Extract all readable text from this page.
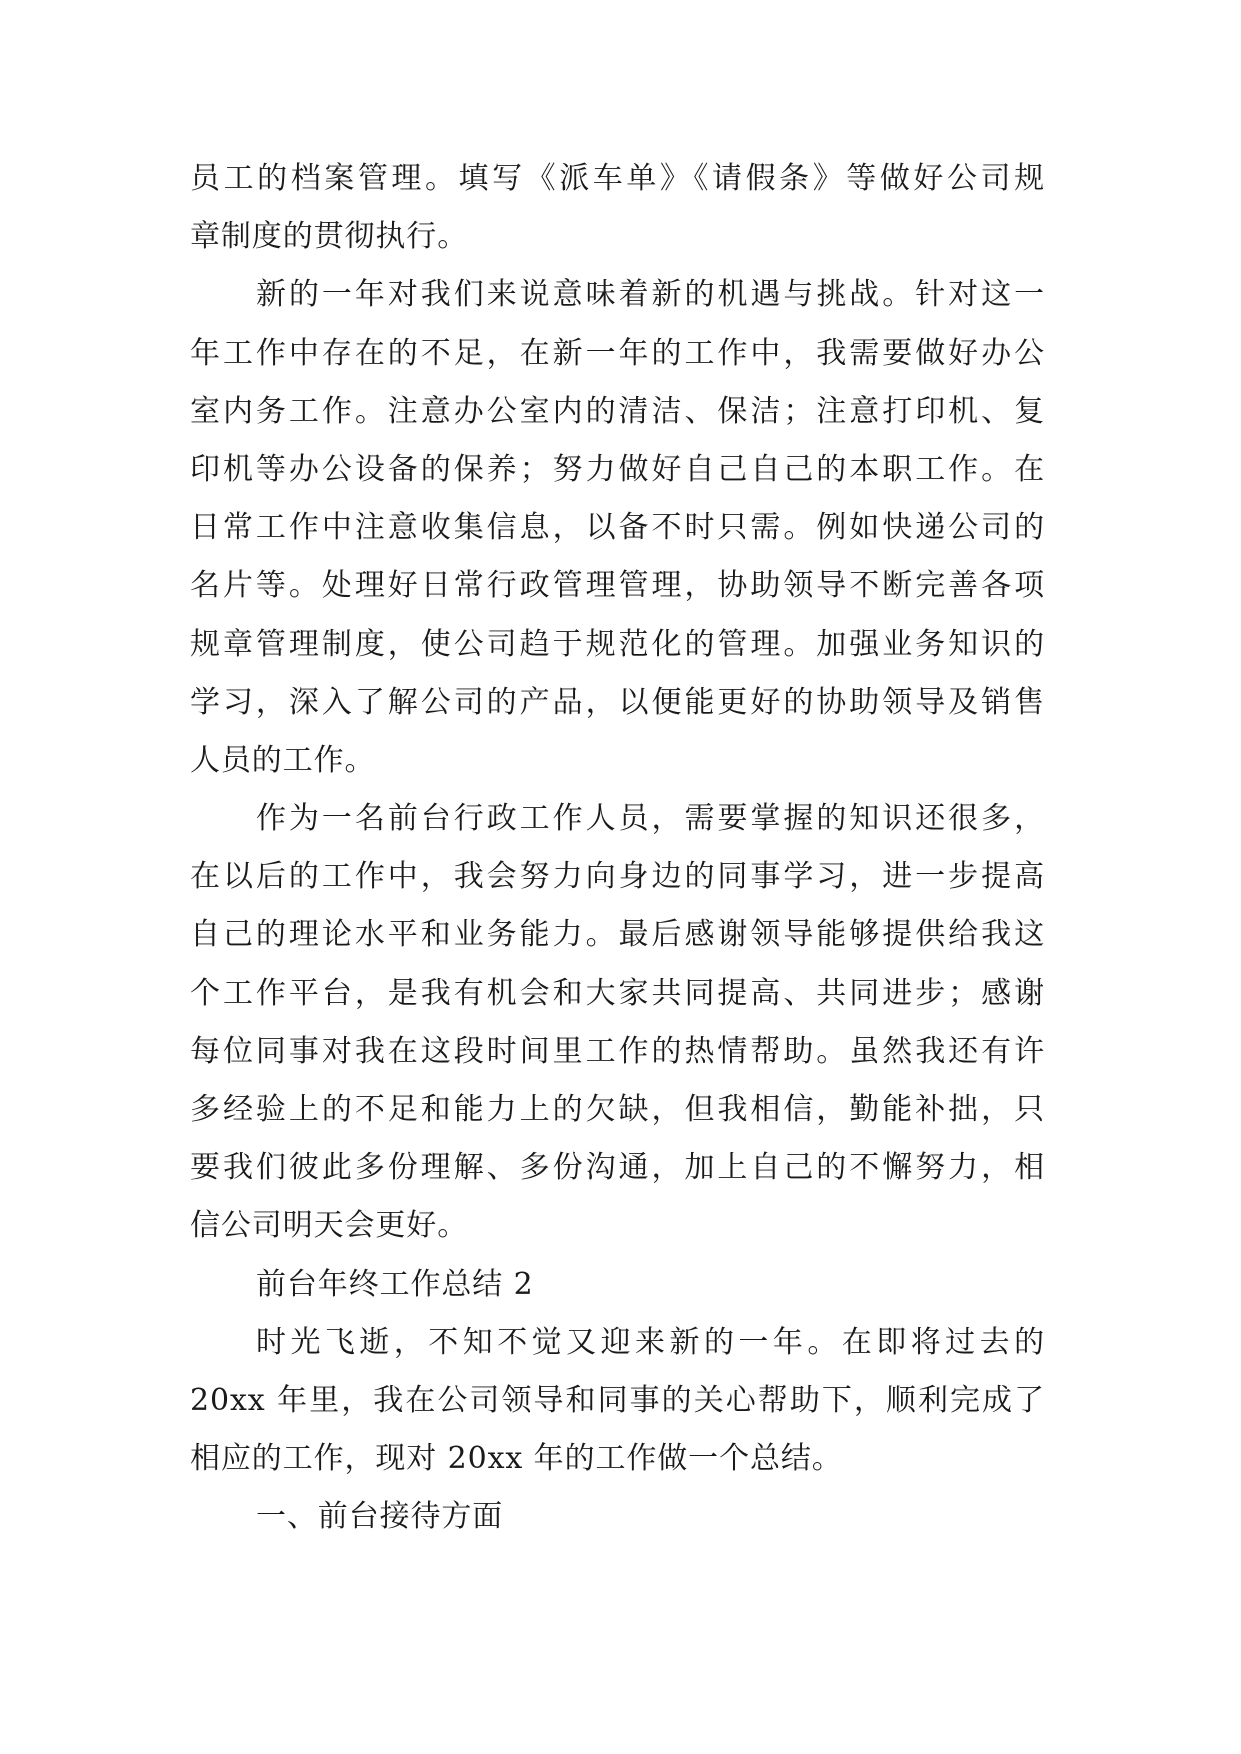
员工的档案管理。填写《派车单》《请假条》等做好公司规
章制度的贯彻执行。
新的一年对我们来说意味着新的机遇与挑战。针对这一
年工作中存在的不足，在新一年的工作中，我需要做好办公
室内务工作。注意办公室内的清洁、保洁；注意打印机、复
印机等办公设备的保养；努力做好自己自己的本职工作。在
日常工作中注意收集信息，以备不时只需。例如快递公司的
名片等。处理好日常行政管理管理，协助领导不断完善各项
规章管理制度，使公司趋于规范化的管理。加强业务知识的
学习，深入了解公司的产品，以便能更好的协助领导及销售
人员的工作。
作为一名前台行政工作人员，需要掌握的知识还很多，
在以后的工作中，我会努力向身边的同事学习，进一步提高
自己的理论水平和业务能力。最后感谢领导能够提供给我这
个工作平台，是我有机会和大家共同提高、共同进步；感谢
每位同事对我在这段时间里工作的热情帮助。虽然我还有许
多经验上的不足和能力上的欠缺，但我相信，勤能补拙，只
要我们彼此多份理解、多份沟通，加上自己的不懈努力，相
信公司明天会更好。
前台年终工作总结 2
时光飞逝，不知不觉又迎来新的一年。在即将过去的
20xx 年里，我在公司领导和同事的关心帮助下，顺利完成了
相应的工作，现对 20xx 年的工作做一个总结。
一、前台接待方面
